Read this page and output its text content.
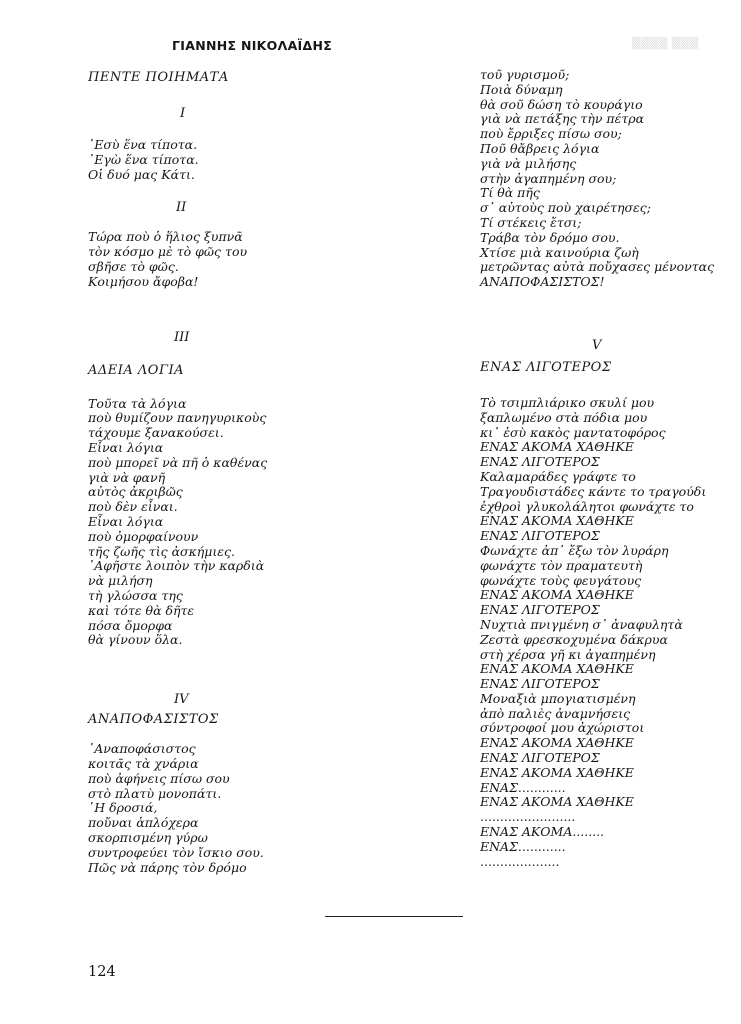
ΓΙΑΝΝΗΣ ΝΙΚΟΛΑΪΔΗΣ	▒▒▒▒ ▒▒▒
ΠΕΝΤΕ ΠΟΙΗΜΑΤΑ
I
᾿Εσὺ ἕνα τίποτα.
᾿Εγὼ ἕνα τίποτα.
Οἱ δυό μας Κάτι.
II
Τώρα ποὺ ὁ ἥλιος ξυπνᾶ
τὸν κόσμο μὲ τὸ φῶς του
σβῆσε τὸ φῶς.
Κοιμήσου ἄφοβα!
III
ΑΔΕΙΑ ΛΟΓΙΑ
Τοῦτα τὰ λόγια
ποὺ θυμίζουν πανηγυρικοὺς
τάχουμε ξανακούσει.
Εἶναι λόγια
ποὺ μπορεῖ νὰ πῆ ὁ καθένας
γιὰ νὰ φανῆ
αὐτὸς ἀκριβῶς
ποὺ δὲν εἶναι.
Εἶναι λόγια
ποὺ ὀμορφαίνουν
τῆς ζωῆς τὶς ἀσκήμιες.
᾿Αφῆστε λοιπὸν τὴν καρδιὰ
νὰ μιλήση
τὴ γλώσσα της
καὶ τότε θὰ δῆτε
πόσα ὄμορφα
θὰ γίνουν ὅλα.
IV
ΑΝΑΠΟΦΑΣΙΣΤΟΣ
᾿Αναποφάσιστος
κοιτᾶς τὰ χνάρια
ποὺ ἀφήνεις πίσω σου
στὸ πλατὺ μονοπάτι.
῾Η δροσιά,
ποὔναι ἁπλόχερα
σκορπισμένη γύρω
συντροφεύει τὸν ἴσκιο σου.
Πῶς νὰ πάρης τὸν δρόμο
τοῦ γυρισμοῦ;
Ποιὰ δύναμη
θὰ σοῦ δώση τὸ κουράγιο
γιὰ νὰ πετάξης τὴν πέτρα
ποὺ ἔρριξες πίσω σου;
Ποῦ θἄβρεις λόγια
γιὰ νὰ μιλήσης
στὴν ἀγαπημένη σου;
Τί θὰ πῆς
σ᾿ αὐτοὺς ποὺ χαιρέτησες;
Τί στέκεις ἔτσι;
Τράβα τὸν δρόμο σου.
Χτίσε μιὰ καινούρια ζωὴ
μετρῶντας αὐτὰ ποὔχασες μένοντας
ΑΝΑΠΟΦΑΣΙΣΤΟΣ!
V
ΕΝΑΣ ΛΙΓΟΤΕΡΟΣ
Τὸ τσιμπλιάρικο σκυλί μου
ξαπλωμένο στὰ πόδια μου
κι᾿ ἐσὺ κακὸς μαντατοφόρος
ΕΝΑΣ ΑΚΟΜΑ ΧΑΘΗΚΕ
ΕΝΑΣ ΛΙΓΟΤΕΡΟΣ
Καλαμαράδες γράφτε το
Τραγουδιστάδες κάντε το τραγούδι
ἐχθροὶ γλυκολάλητοι φωνάχτε το
ΕΝΑΣ ΑΚΟΜΑ ΧΑΘΗΚΕ
ΕΝΑΣ ΛΙΓΟΤΕΡΟΣ
Φωνάχτε ἀπ᾿ ἔξω τὸν λυράρη
φωνάχτε τὸν πραματευτὴ
φωνάχτε τοὺς φευγάτους
ΕΝΑΣ ΑΚΟΜΑ ΧΑΘΗΚΕ
ΕΝΑΣ ΛΙΓΟΤΕΡΟΣ
Νυχτιὰ πνιγμένη σ᾿ ἀναφυλητὰ
Ζεστὰ φρεσκοχυμένα δάκρυα
στὴ χέρσα γῆ κι ἀγαπημένη
ΕΝΑΣ ΑΚΟΜΑ ΧΑΘΗΚΕ
ΕΝΑΣ ΛΙΓΟΤΕΡΟΣ
Μοναξιὰ μπογιατισμένη
ἀπὸ παλιὲς ἀναμνήσεις
σύντροφοί μου ἀχώριστοι
ΕΝΑΣ ΑΚΟΜΑ ΧΑΘΗΚΕ
ΕΝΑΣ ΛΙΓΟΤΕΡΟΣ
ΕΝΑΣ ΑΚΟΜΑ ΧΑΘΗΚΕ
ΕΝΑΣ............
ΕΝΑΣ ΑΚΟΜΑ ΧΑΘΗΚΕ
........................
ΕΝΑΣ ΑΚΟΜΑ........
ΕΝΑΣ............
....................
124
